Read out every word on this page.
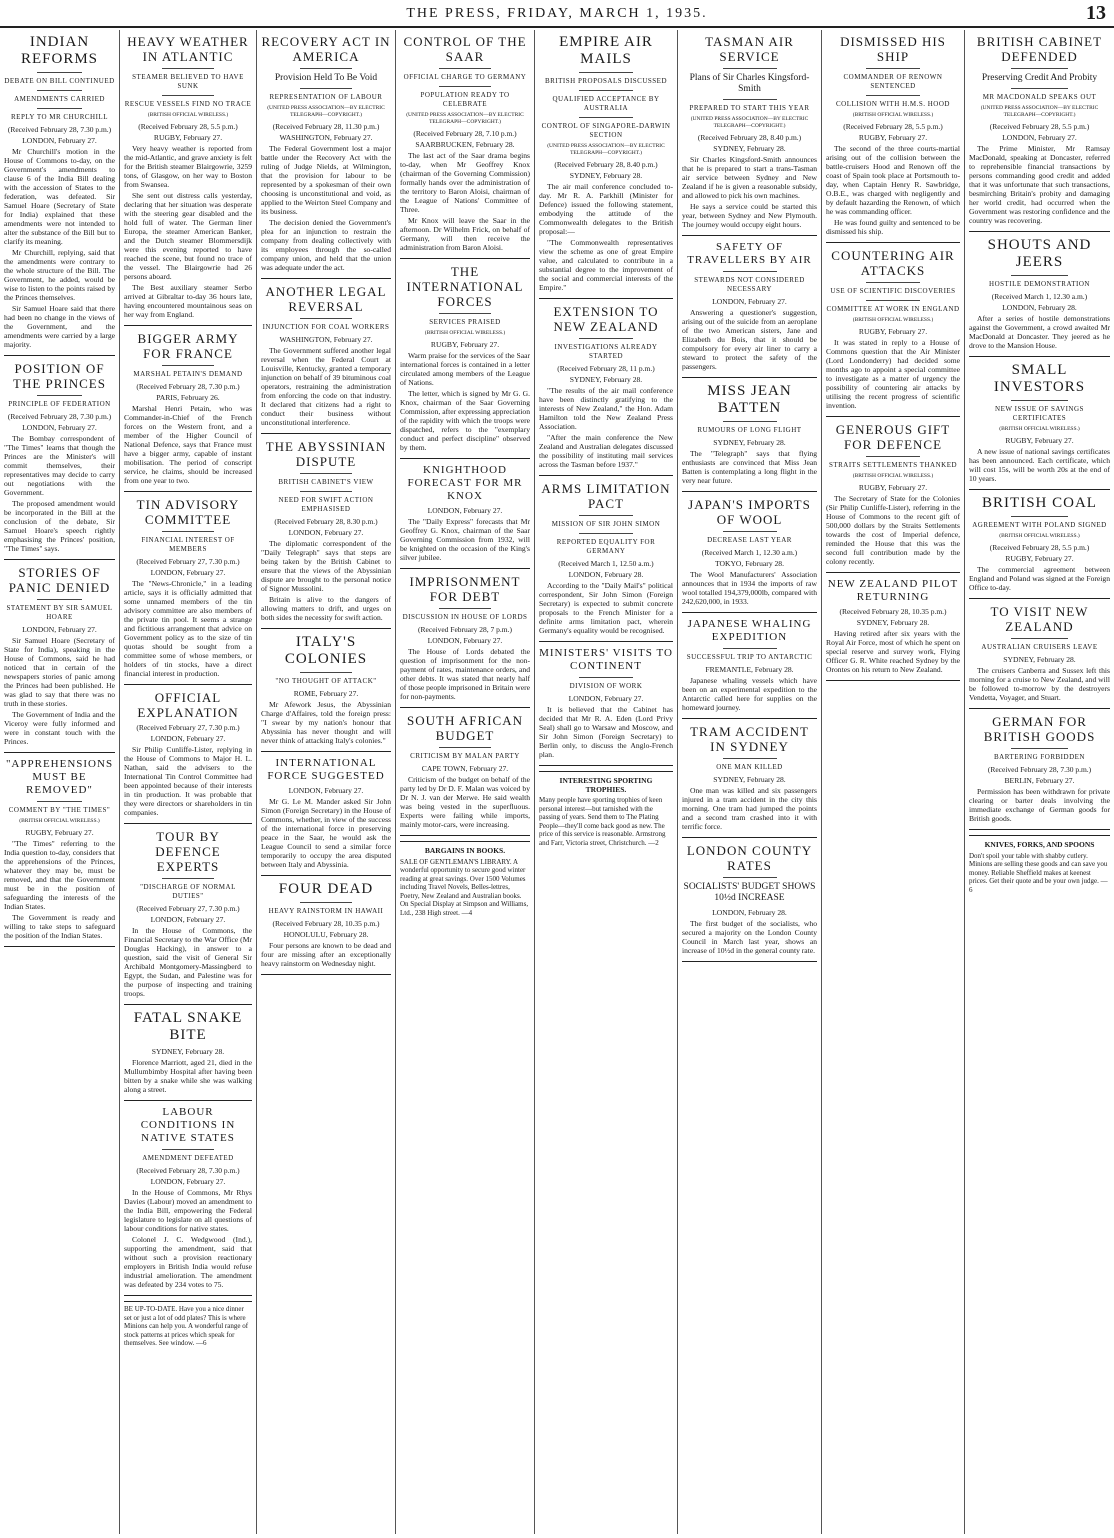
THE PRESS, FRIDAY, MARCH 1, 1935.	13
INDIAN REFORMS
DEBATE ON BILL CONTINUED
AMENDMENTS CARRIED
REPLY TO MR CHURCHILL
(Received February 28, 7.30 p.m.)
LONDON, February 27.

Mr Churchill's motion in the House of Commons to-day, on the Government's amendments to clause 6 of the India Bill dealing with the accession of States to the federation, was defeated. Sir Samuel Hoare (Secretary of State for India) explained that these amendments were not intended to alter the substance of the Bill but to clarify its meaning.

Mr Churchill, replying, said that the amendments were contrary to the whole structure of the Bill. The Government, he added, would be wise to listen to the points raised by the Princes themselves.

Sir Samuel Hoare said that there had been no change in the views of the Government, and the amendments were carried by a large majority.

POSITION OF THE PRINCES
PRINCIPLE OF FEDERATION
(Received February 28, 7.30 p.m.)
LONDON, February 27.

The Bombay correspondent of "The Times" learns that though the Princes are the Minister's will commit themselves, their representatives may decide to carry out negotiations with the Government.

The proposed amendment would be incorporated in the Bill at the conclusion of the debate, Sir Samuel Hoare's speech rightly emphasising the Princes' position, "The Times" says.

STORIES OF PANIC DENIED
STATEMENT BY SIR SAMUEL HOARE
LONDON, February 27.

Sir Samuel Hoare (Secretary of State for India), speaking in the House of Commons, said he had noticed that in certain of the newspapers stories of panic among the Princes had been published. He was glad to say that there was no truth in these stories.

The Government of India and the Viceroy were fully informed and were in constant touch with the Princes.

"APPREHENSIONS MUST BE REMOVED"
COMMENT BY "THE TIMES"
(BRITISH OFFICIAL WIRELESS.)
RUGBY, February 27.

"The Times" referring to the India question to-day, considers that the apprehensions of the Princes, whatever they may be, must be removed, and that the Government must be in the position of safeguarding the interests of the Indian States.

The Government is ready and willing to take steps to safeguard the position of the Indian States.

HEAVY WEATHER IN ATLANTIC
STEAMER BELIEVED TO HAVE SUNK
RESCUE VESSELS FIND NO TRACE
(BRITISH OFFICIAL WIRELESS.)
(Received February 28, 5.5 p.m.)
RUGBY, February 27.

Very heavy weather is reported from the mid-Atlantic, and grave anxiety is felt for the British steamer Blairgowrie, 3259 tons, of Glasgow, on her way to Boston from Swansea.

She sent out distress calls yesterday, declaring that her situation was desperate with the steering gear disabled and the hold full of water. The German liner Europa, the steamer American Banker, and the Dutch steamer Blommersdijk were this evening reported to have reached the scene, but found no trace of the vessel. The Blairgowrie had 26 persons aboard.

The Best auxiliary steamer Serbo arrived at Gibraltar to-day 36 hours late, having encountered mountainous seas on her way from England.

BIGGER ARMY FOR FRANCE
MARSHAL PETAIN'S DEMAND
(Received February 28, 7.30 p.m.)
PARIS, February 26.

Marshal Henri Petain, who was Commander-in-Chief of the French forces on the Western front, and a member of the Higher Council of National Defence, says that France must have a bigger army, capable of instant mobilisation. The period of conscript service, he claims, should be increased from one year to two.

TIN ADVISORY COMMITTEE
FINANCIAL INTEREST OF MEMBERS
(Received February 27, 7.30 p.m.)
LONDON, February 27.

The "News-Chronicle," in a leading article, says it is officially admitted that some unnamed members of the tin advisory committee are also members of the private tin pool. It seems a strange and fictitious arrangement that advice on Government policy as to the size of tin quotas should be sought from a committee some of whose members, or holders of tin stocks, have a direct financial interest in production.

OFFICIAL EXPLANATION
(Received February 27, 7.30 p.m.)
LONDON, February 27.

Sir Philip Cunliffe-Lister, replying in the House of Commons to Major H. L. Nathan, said the advisers to the International Tin Control Committee had been appointed because of their interests in tin production. It was probable that they were directors or shareholders in tin companies.

TOUR BY DEFENCE EXPERTS
"DISCHARGE OF NORMAL DUTIES"
(Received February 27, 7.30 p.m.)
LONDON, February 27.

In the House of Commons, the Financial Secretary to the War Office (Mr Douglas Hacking), in answer to a question, said the visit of General Sir Archibald Montgomery-Massingberd to Egypt, the Sudan, and Palestine was for the purpose of inspecting and training troops.

FATAL SNAKE BITE
SYDNEY, February 28.

Florence Marriott, aged 21, died in the Mullumbimby Hospital after having been bitten by a snake while she was walking along a street.

LABOUR CONDITIONS IN NATIVE STATES
AMENDMENT DEFEATED
(Received February 28, 7.30 p.m.)
LONDON, February 27.

In the House of Commons, Mr Rhys Davies (Labour) moved an amendment to the India Bill, empowering the Federal legislature to legislate on all questions of labour conditions for native states.

Colonel J. C. Wedgwood (Ind.), supporting the amendment, said that without such a provision reactionary employers in British India would refuse industrial amelioration. The amendment was defeated by 234 votes to 75.

BE UP-TO-DATE. Have you a nice dinner set or just a lot of odd plates? This is where Minions can help you. A wonderful range of stock patterns at prices which speak for themselves. See window. —6
RECOVERY ACT IN AMERICA
Provision Held To Be Void
REPRESENTATION OF LABOUR
(UNITED PRESS ASSOCIATION—BY ELECTRIC TELEGRAPH—COPYRIGHT.)
(Received February 28, 11.30 p.m.)
WASHINGTON, February 27.

The Federal Government lost a major battle under the Recovery Act with the ruling of Judge Nields, at Wilmington, that the provision for labour to be represented by a spokesman of their own choosing is unconstitutional and void, as applied to the Weirton Steel Company and its business.

The decision denied the Government's plea for an injunction to restrain the company from dealing collectively with its employees through the so-called company union, and held that the union was adequate under the act.

ANOTHER LEGAL REVERSAL
INJUNCTION FOR COAL WORKERS
WASHINGTON, February 27.

The Government suffered another legal reversal when the Federal Court at Louisville, Kentucky, granted a temporary injunction on behalf of 39 bituminous coal operators, restraining the administration from enforcing the code on that industry. It declared that citizens had a right to conduct their business without unconstitutional interference.

THE ABYSSINIAN DISPUTE
BRITISH CABINET'S VIEW
NEED FOR SWIFT ACTION EMPHASISED
(Received February 28, 8.30 p.m.)
LONDON, February 27.

The diplomatic correspondent of the "Daily Telegraph" says that steps are being taken by the British Cabinet to ensure that the views of the Abyssinian dispute are brought to the personal notice of Signor Mussolini.

Britain is alive to the dangers of allowing matters to drift, and urges on both sides the necessity for swift action.

ITALY'S COLONIES
"NO THOUGHT OF ATTACK"
ROME, February 27.

Mr Afework Jesus, the Abyssinian Charge d'Affaires, told the foreign press: "I swear by my nation's honour that Abyssinia has never thought and will never think of attacking Italy's colonies."

INTERNATIONAL FORCE SUGGESTED
LONDON, February 27.

Mr G. Le M. Mander asked Sir John Simon (Foreign Secretary) in the House of Commons, whether, in view of the success of the international force in preserving peace in the Saar, he would ask the League Council to send a similar force temporarily to occupy the area disputed between Italy and Abyssinia.

FOUR DEAD
HEAVY RAINSTORM IN HAWAII
(Received February 28, 10.35 p.m.)
HONOLULU, February 28.

Four persons are known to be dead and four are missing after an exceptionally heavy rainstorm on Wednesday night.

CONTROL OF THE SAAR
OFFICIAL CHARGE TO GERMANY
POPULATION READY TO CELEBRATE
(UNITED PRESS ASSOCIATION—BY ELECTRIC TELEGRAPH—COPYRIGHT.)
(Received February 28, 7.10 p.m.)
SAARBRUCKEN, February 28.

The last act of the Saar drama begins to-day, when Mr Geoffrey Knox (chairman of the Governing Commission) formally hands over the administration of the territory to Baron Aloisi, chairman of the League of Nations' Committee of Three.

Mr Knox will leave the Saar in the afternoon. Dr Wilhelm Frick, on behalf of Germany, will then receive the administration from Baron Aloisi.

THE INTERNATIONAL FORCES
SERVICES PRAISED
(BRITISH OFFICIAL WIRELESS.)
RUGBY, February 27.

Warm praise for the services of the Saar international forces is contained in a letter circulated among members of the League of Nations.

The letter, which is signed by Mr G. G. Knox, chairman of the Saar Governing Commission, after expressing appreciation of the rapidity with which the troops were dispatched, refers to the "exemplary conduct and perfect discipline" observed by them.

KNIGHTHOOD FORECAST FOR MR KNOX
LONDON, February 27.

The "Daily Express" forecasts that Mr Geoffrey G. Knox, chairman of the Saar Governing Commission from 1932, will be knighted on the occasion of the King's silver jubilee.

IMPRISONMENT FOR DEBT
DISCUSSION IN HOUSE OF LORDS
(Received February 28, 7 p.m.)
LONDON, February 27.

The House of Lords debated the question of imprisonment for the non-payment of rates, maintenance orders, and other debts. It was stated that nearly half of those people imprisoned in Britain were for non-payments.

SOUTH AFRICAN BUDGET
CRITICISM BY MALAN PARTY
CAPE TOWN, February 27.

Criticism of the budget on behalf of the party led by Dr D. F. Malan was voiced by Dr N. J. van der Merwe. He said wealth was being vested in the superfluous. Experts were failing while imports, mainly motor-cars, were increasing.

BARGAINS IN BOOKS.
SALE OF GENTLEMAN'S LIBRARY. A wonderful opportunity to secure good winter reading at great savings. Over 1500 Volumes including Travel Novels, Belles-lettres, Poetry, New Zealand and Australian books. On Special Display at Simpson and Williams, Ltd., 238 High street. —4
EMPIRE AIR MAILS
BRITISH PROPOSALS DISCUSSED
QUALIFIED ACCEPTANCE BY AUSTRALIA
CONTROL OF SINGAPORE-DARWIN SECTION
(UNITED PRESS ASSOCIATION—BY ELECTRIC TELEGRAPH—COPYRIGHT.)
(Received February 28, 8.40 p.m.)
SYDNEY, February 28.

The air mail conference concluded to-day. Mr R. A. Parkhill (Minister for Defence) issued the following statement, embodying the attitude of the Commonwealth delegates to the British proposal:—

"The Commonwealth representatives view the scheme as one of great Empire value, and calculated to contribute in a substantial degree to the improvement of the social and commercial interests of the Empire."

EXTENSION TO NEW ZEALAND
INVESTIGATIONS ALREADY STARTED
(Received February 28, 11 p.m.)
SYDNEY, February 28.

"The results of the air mail conference have been distinctly gratifying to the interests of New Zealand," the Hon. Adam Hamilton told the New Zealand Press Association.

"After the main conference the New Zealand and Australian delegates discussed the possibility of instituting mail services across the Tasman before 1937."

ARMS LIMITATION PACT
MISSION OF SIR JOHN SIMON
REPORTED EQUALITY FOR GERMANY
(Received March 1, 12.50 a.m.)
LONDON, February 28.

According to the "Daily Mail's" political correspondent, Sir John Simon (Foreign Secretary) is expected to submit concrete proposals to the French Minister for a definite arms limitation pact, wherein Germany's equality would be recognised.

MINISTERS' VISITS TO CONTINENT
DIVISION OF WORK
LONDON, February 27.

It is believed that the Cabinet has decided that Mr R. A. Eden (Lord Privy Seal) shall go to Warsaw and Moscow, and Sir John Simon (Foreign Secretary) to Berlin only, to discuss the Anglo-French plan.

INTERESTING SPORTING TROPHIES.
Many people have sporting trophies of keen personal interest—but tarnished with the passing of years. Send them to The Plating People—they'll come back good as new. The price of this service is reasonable. Armstrong and Farr, Victoria street, Christchurch. —2
TASMAN AIR SERVICE
Plans of Sir Charles Kingsford-Smith
PREPARED TO START THIS YEAR
(UNITED PRESS ASSOCIATION—BY ELECTRIC TELEGRAPH—COPYRIGHT.)
(Received February 28, 8.40 p.m.)
SYDNEY, February 28.

Sir Charles Kingsford-Smith announces that he is prepared to start a trans-Tasman air service between Sydney and New Zealand if he is given a reasonable subsidy, and allowed to pick his own machines.

He says a service could be started this year, between Sydney and New Plymouth. The journey would occupy eight hours.

SAFETY OF TRAVELLERS BY AIR
STEWARDS NOT CONSIDERED NECESSARY
LONDON, February 27.

Answering a questioner's suggestion, arising out of the suicide from an aeroplane of the two American sisters, Jane and Elizabeth du Bois, that it should be compulsory for every air liner to carry a steward to protect the safety of the passengers.

MISS JEAN BATTEN
RUMOURS OF LONG FLIGHT
SYDNEY, February 28.

The "Telegraph" says that flying enthusiasts are convinced that Miss Jean Batten is contemplating a long flight in the very near future.

JAPAN'S IMPORTS OF WOOL
DECREASE LAST YEAR
(Received March 1, 12.30 a.m.)
TOKYO, February 28.

The Wool Manufacturers' Association announces that in 1934 the imports of raw wool totalled 194,379,000lb, compared with 242,620,000, in 1933.

JAPANESE WHALING EXPEDITION
SUCCESSFUL TRIP TO ANTARCTIC
FREMANTLE, February 28.

Japanese whaling vessels which have been on an experimental expedition to the Antarctic called here for supplies on the homeward journey.

TRAM ACCIDENT IN SYDNEY
ONE MAN KILLED
SYDNEY, February 28.

One man was killed and six passengers injured in a tram accident in the city this morning. One tram had jumped the points and a second tram crashed into it with terrific force.

LONDON COUNTY RATES
SOCIALISTS' BUDGET SHOWS 10½d INCREASE
LONDON, February 28.

The first budget of the socialists, who secured a majority on the London County Council in March last year, shows an increase of 10½d in the general county rate.

DISMISSED HIS SHIP
COMMANDER OF RENOWN SENTENCED
COLLISION WITH H.M.S. HOOD
(BRITISH OFFICIAL WIRELESS.)
(Received February 28, 5.5 p.m.)
RUGBY, February 27.

The second of the three courts-martial arising out of the collision between the battle-cruisers Hood and Renown off the coast of Spain took place at Portsmouth to-day, when Captain Henry R. Sawbridge, O.B.E., was charged with negligently and by default hazarding the Renown, of which he was commanding officer.

He was found guilty and sentenced to be dismissed his ship.

COUNTERING AIR ATTACKS
USE OF SCIENTIFIC DISCOVERIES
COMMITTEE AT WORK IN ENGLAND
(BRITISH OFFICIAL WIRELESS.)
RUGBY, February 27.

It was stated in reply to a House of Commons question that the Air Minister (Lord Londonderry) had decided some months ago to appoint a special committee to investigate as a matter of urgency the possibility of countering air attacks by utilising the recent progress of scientific invention.

GENEROUS GIFT FOR DEFENCE
STRAITS SETTLEMENTS THANKED
(BRITISH OFFICIAL WIRELESS.)
RUGBY, February 27.

The Secretary of State for the Colonies (Sir Philip Cunliffe-Lister), referring in the House of Commons to the recent gift of 500,000 dollars by the Straits Settlements towards the cost of Imperial defence, reminded the House that this was the second full contribution made by the colony recently.

NEW ZEALAND PILOT RETURNING
(Received February 28, 10.35 p.m.)
SYDNEY, February 28.

Having retired after six years with the Royal Air Force, most of which he spent on special reserve and survey work, Flying Officer G. R. White reached Sydney by the Orontes on his return to New Zealand.

BRITISH CABINET DEFENDED
Preserving Credit And Probity
MR MACDONALD SPEAKS OUT
(UNITED PRESS ASSOCIATION—BY ELECTRIC TELEGRAPH—COPYRIGHT.)
(Received February 28, 5.5 p.m.)
LONDON, February 27.

The Prime Minister, Mr Ramsay MacDonald, speaking at Doncaster, referred to reprehensible financial transactions by persons commanding good credit and added that it was unfortunate that such transactions, besmirching Britain's probity and damaging her world credit, had occurred when the Government was restoring confidence and the country was recovering.

SHOUTS AND JEERS
HOSTILE DEMONSTRATION
(Received March 1, 12.30 a.m.)
LONDON, February 28.

After a series of hostile demonstrations against the Government, a crowd awaited Mr MacDonald at Doncaster. They jeered as he drove to the Mansion House.

SMALL INVESTORS
NEW ISSUE OF SAVINGS CERTIFICATES
(BRITISH OFFICIAL WIRELESS.)
RUGBY, February 27.

A new issue of national savings certificates has been announced. Each certificate, which will cost 15s, will be worth 20s at the end of 10 years.

BRITISH COAL
AGREEMENT WITH POLAND SIGNED
(BRITISH OFFICIAL WIRELESS.)
(Received February 28, 5.5 p.m.)
RUGBY, February 27.

The commercial agreement between England and Poland was signed at the Foreign Office to-day.

TO VISIT NEW ZEALAND
AUSTRALIAN CRUISERS LEAVE
SYDNEY, February 28.

The cruisers Canberra and Sussex left this morning for a cruise to New Zealand, and will be followed to-morrow by the destroyers Vendetta, Voyager, and Stuart.

GERMAN FOR BRITISH GOODS
BARTERING FORBIDDEN
(Received February 28, 7.30 p.m.)
BERLIN, February 27.

Permission has been withdrawn for private clearing or barter deals involving the immediate exchange of German goods for British goods.

KNIVES, FORKS, AND SPOONS
Don't spoil your table with shabby cutlery. Minions are selling these goods and can save you money. Reliable Sheffield makes at keenest prices. Get their quote and be your own judge. —6
